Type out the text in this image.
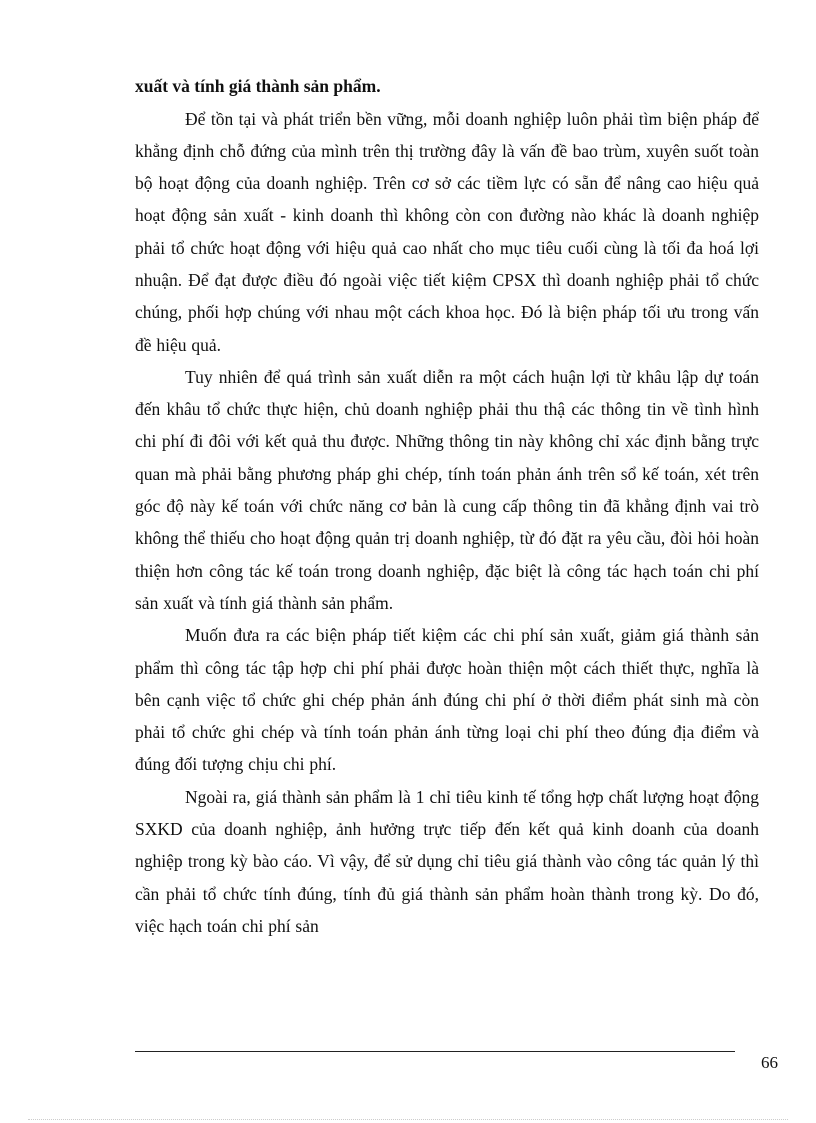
xuất và tính giá thành sản phẩm.

Để tồn tại và phát triển bền vững, mỗi doanh nghiệp luôn phải tìm biện pháp để khẳng định chỗ đứng của mình trên thị trường đây là vấn đề bao trùm, xuyên suốt toàn bộ hoạt động của doanh nghiệp. Trên cơ sở các tiềm lực có sẵn để nâng cao hiệu quả hoạt động sản xuất - kinh doanh thì không còn con đường nào khác là doanh nghiệp phải tổ chức hoạt động với hiệu quả cao nhất cho mục tiêu cuối cùng là tối đa hoá lợi nhuận. Để đạt được điều đó ngoài việc tiết kiệm CPSX thì doanh nghiệp phải tổ chức chúng, phối hợp chúng với nhau một cách khoa học. Đó là biện pháp tối ưu trong vấn đề hiệu quả.

Tuy nhiên để quá trình sản xuất diễn ra một cách huận lợi từ khâu lập dự toán đến khâu tổ chức thực hiện, chủ doanh nghiệp phải thu thậ các thông tin về tình hình chi phí đi đôi với kết quả thu được. Những thông tin này không chỉ xác định bằng trực quan mà phải bằng phương pháp ghi chép, tính toán phản ánh trên sổ kế toán, xét trên góc độ này kế toán với chức năng cơ bản là cung cấp thông tin đã khẳng định vai trò không thể thiếu cho hoạt động quản trị doanh nghiệp, từ đó đặt ra yêu cầu, đòi hỏi hoàn thiện hơn công tác kế toán trong doanh nghiệp, đặc biệt là công tác hạch toán chi phí sản xuất và tính giá thành sản phẩm.

Muốn đưa ra các biện pháp tiết kiệm các chi phí sản xuất, giảm giá thành sản phẩm thì công tác tập hợp chi phí phải được hoàn thiện một cách thiết thực, nghĩa là bên cạnh việc tổ chức ghi chép phản ánh đúng chi phí ở thời điểm phát sinh mà còn phải tổ chức ghi chép và tính toán phản ánh từng loại chi phí theo đúng địa điểm và đúng đối tượng chịu chi phí.

Ngoài ra, giá thành sản phẩm là 1 chỉ tiêu kinh tế tổng hợp chất lượng hoạt động SXKD của doanh nghiệp, ảnh hưởng trực tiếp đến kết quả kinh doanh của doanh nghiệp trong kỳ bào cáo. Vì vậy, để sử dụng chỉ tiêu giá thành vào công tác quản lý thì cần phải tổ chức tính đúng, tính đủ giá thành sản phẩm hoàn thành trong kỳ. Do đó, việc hạch toán chi phí sản

66
